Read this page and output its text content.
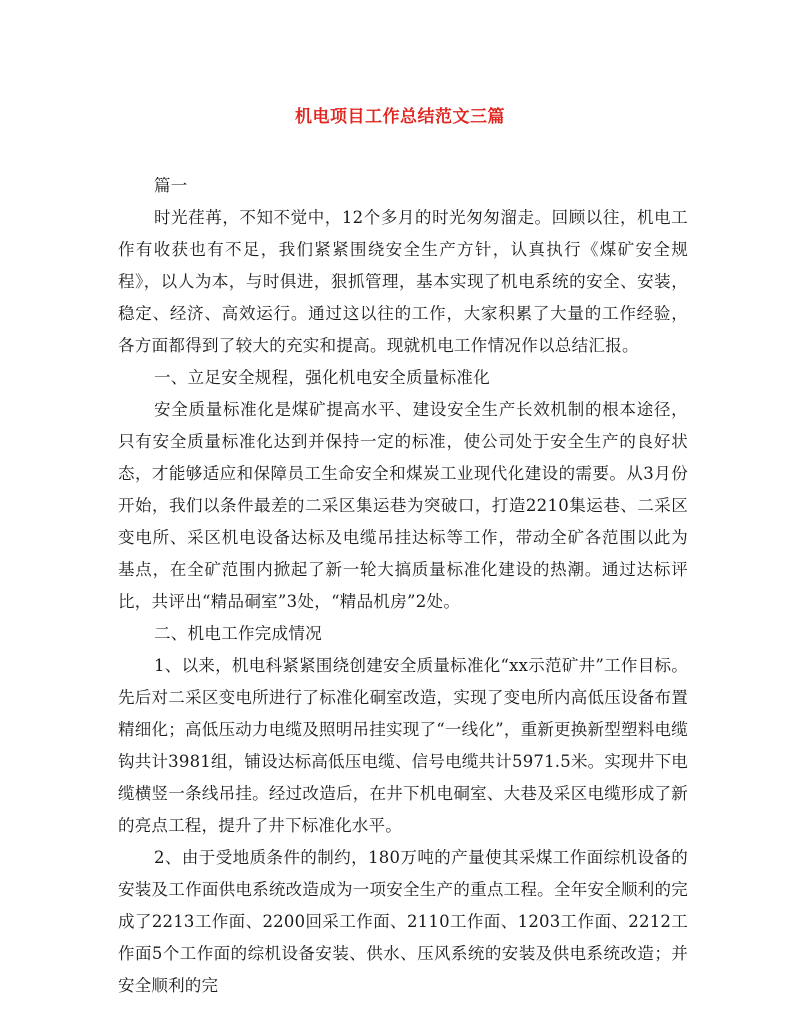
机电项目工作总结范文三篇

篇一

时光荏苒，不知不觉中，12个多月的时光匆匆溜走。回顾以往，机电工作有收获也有不足，我们紧紧围绕安全生产方针，认真执行《煤矿安全规程》，以人为本，与时俱进，狠抓管理，基本实现了机电系统的安全、安装，稳定、经济、高效运行。通过这以往的工作，大家积累了大量的工作经验，各方面都得到了较大的充实和提高。现就机电工作情况作以总结汇报。

一、立足安全规程，强化机电安全质量标准化

安全质量标准化是煤矿提高水平、建设安全生产长效机制的根本途径，只有安全质量标准化达到并保持一定的标准，使公司处于安全生产的良好状态，才能够适应和保障员工生命安全和煤炭工业现代化建设的需要。从3月份开始，我们以条件最差的二采区集运巷为突破口，打造2210集运巷、二采区变电所、采区机电设备达标及电缆吊挂达标等工作，带动全矿各范围以此为基点，在全矿范围内掀起了新一轮大搞质量标准化建设的热潮。通过达标评比，共评出“精品硐室”3处，“精品机房”2处。

二、机电工作完成情况

1、以来，机电科紧紧围绕创建安全质量标准化“xx示范矿井”工作目标。先后对二采区变电所进行了标准化硐室改造，实现了变电所内高低压设备布置精细化；高低压动力电缆及照明吊挂实现了“一线化”，重新更换新型塑料电缆钩共计3981组，铺设达标高低压电缆、信号电缆共计5971.5米。实现井下电缆横竖一条线吊挂。经过改造后，在井下机电硐室、大巷及采区电缆形成了新的亮点工程，提升了井下标准化水平。

2、由于受地质条件的制约，180万吨的产量使其采煤工作面综机设备的安装及工作面供电系统改造成为一项安全生产的重点工程。全年安全顺利的完成了2213工作面、2200回采工作面、2110工作面、1203工作面、2212工作面5个工作面的综机设备安装、供水、压风系统的安装及供电系统改造；并安全顺利的完
